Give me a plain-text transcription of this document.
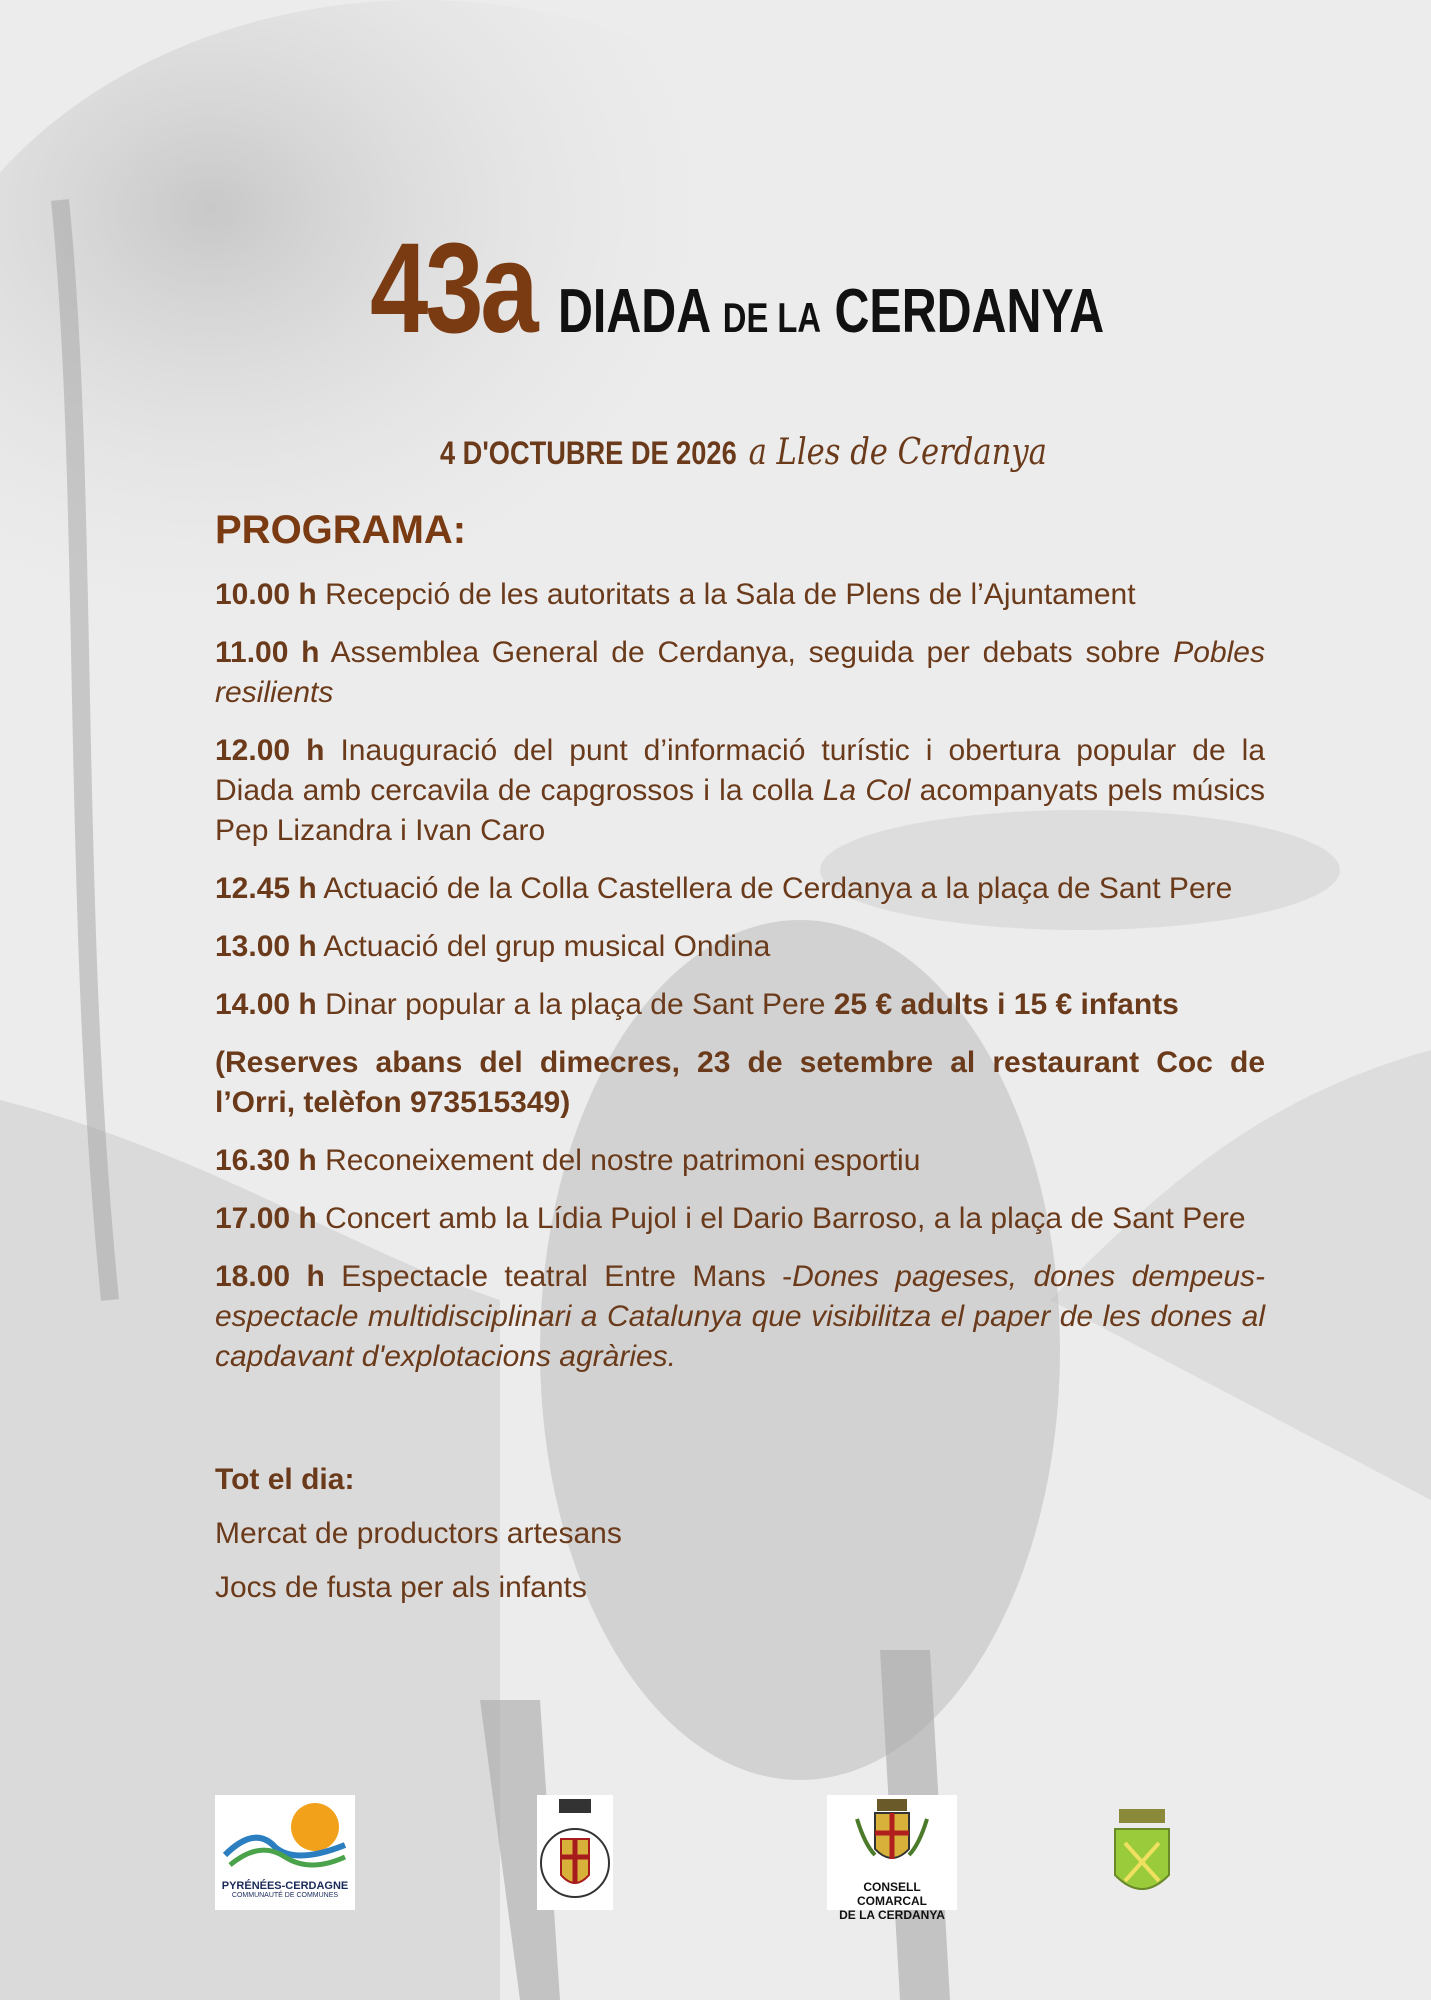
43a DIADA DE LA CERDANYA
4 D'OCTUBRE DE 2026 a Lles de Cerdanya
PROGRAMA:
10.00 h Recepció de les autoritats a la Sala de Plens de l’Ajuntament
11.00 h Assemblea General de Cerdanya, seguida per debats sobre Pobles resilients
12.00 h Inauguració del punt d’informació turístic i obertura popular de la Diada amb cercavila de capgrossos i la colla La Col acompanyats pels músics Pep Lizandra i Ivan Caro
12.45 h Actuació de la Colla Castellera de Cerdanya a la plaça de Sant Pere
13.00 h Actuació del grup musical Ondina
14.00 h Dinar popular a la plaça de Sant Pere 25 € adults i 15 € infants
(Reserves abans del dimecres, 23 de setembre al restaurant Coc de l’Orri, telèfon 973515349)
16.30 h Reconeixement del nostre patrimoni esportiu
17.00 h Concert amb la Lídia Pujol i el Dario Barroso, a la plaça de Sant Pere
18.00 h Espectacle teatral Entre Mans -Dones pageses, dones dempeus- espectacle multidisciplinari a Catalunya que visibilitza el paper de les dones al capdavant d'explotacions agràries.
Tot el dia:
Mercat de productors artesans
Jocs de fusta per als infants
PYRÉNÉES-CERDAGNE
COMMUNAUTÉ DE COMMUNES
CONSELL COMARCAL
DE LA CERDANYA
